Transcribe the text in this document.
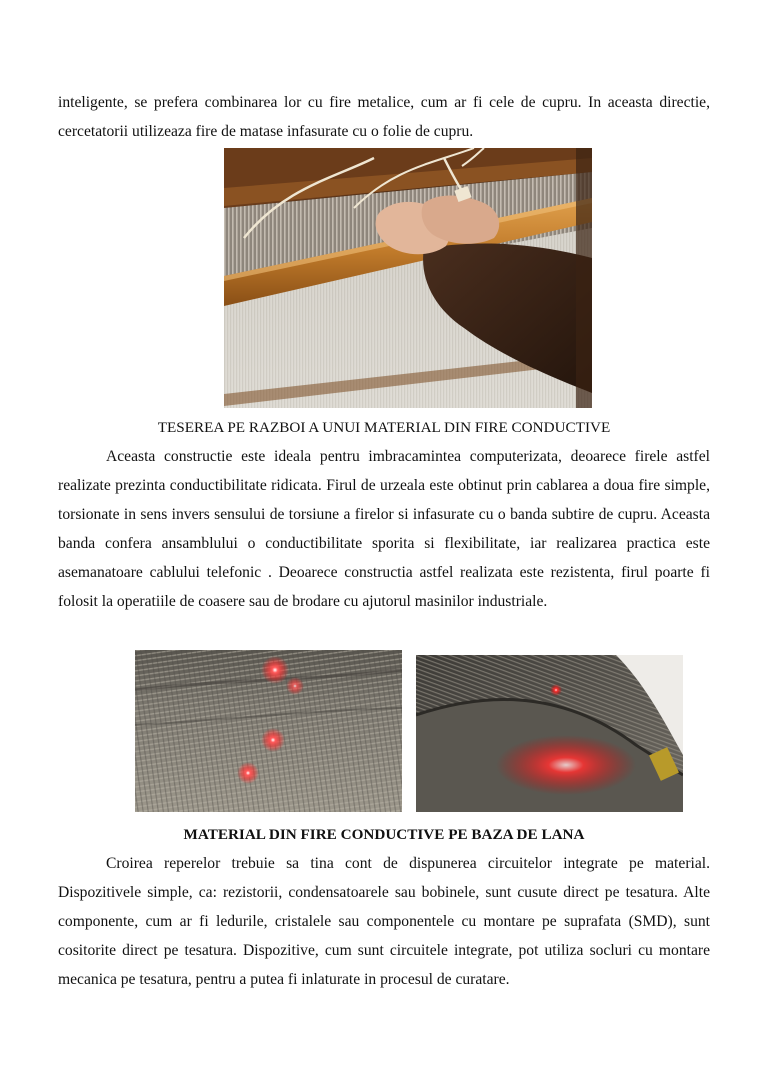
inteligente, se prefera combinarea lor cu fire metalice, cum ar fi cele de cupru. In aceasta directie, cercetatorii utilizeaza fire de matase infasurate cu o folie de cupru.

TESEREA PE RAZBOI A UNUI MATERIAL DIN FIRE CONDUCTIVE

Aceasta constructie este ideala pentru imbracamintea computerizata, deoarece firele astfel realizate prezinta conductibilitate ridicata. Firul de urzeala este obtinut prin cablarea a doua fire simple, torsionate in sens invers sensului de torsiune a firelor si infasurate cu o banda subtire de cupru. Aceasta banda confera ansamblului o conductibilitate sporita si flexibilitate, iar realizarea practica este asemanatoare cablului telefonic . Deoarece constructia astfel realizata este rezistenta, firul poarte fi folosit la operatiile de coasere sau de brodare cu ajutorul masinilor industriale.

MATERIAL DIN FIRE CONDUCTIVE PE BAZA DE LANA

Croirea reperelor trebuie sa tina cont de dispunerea circuitelor integrate pe material. Dispozitivele simple, ca: rezistorii, condensatoarele sau bobinele, sunt cusute direct pe tesatura. Alte componente, cum ar fi ledurile, cristalele sau componentele cu montare pe suprafata (SMD), sunt cositorite direct pe tesatura. Dispozitive, cum sunt circuitele integrate, pot utiliza socluri cu montare mecanica pe tesatura, pentru a putea fi inlaturate in procesul de curatare.
